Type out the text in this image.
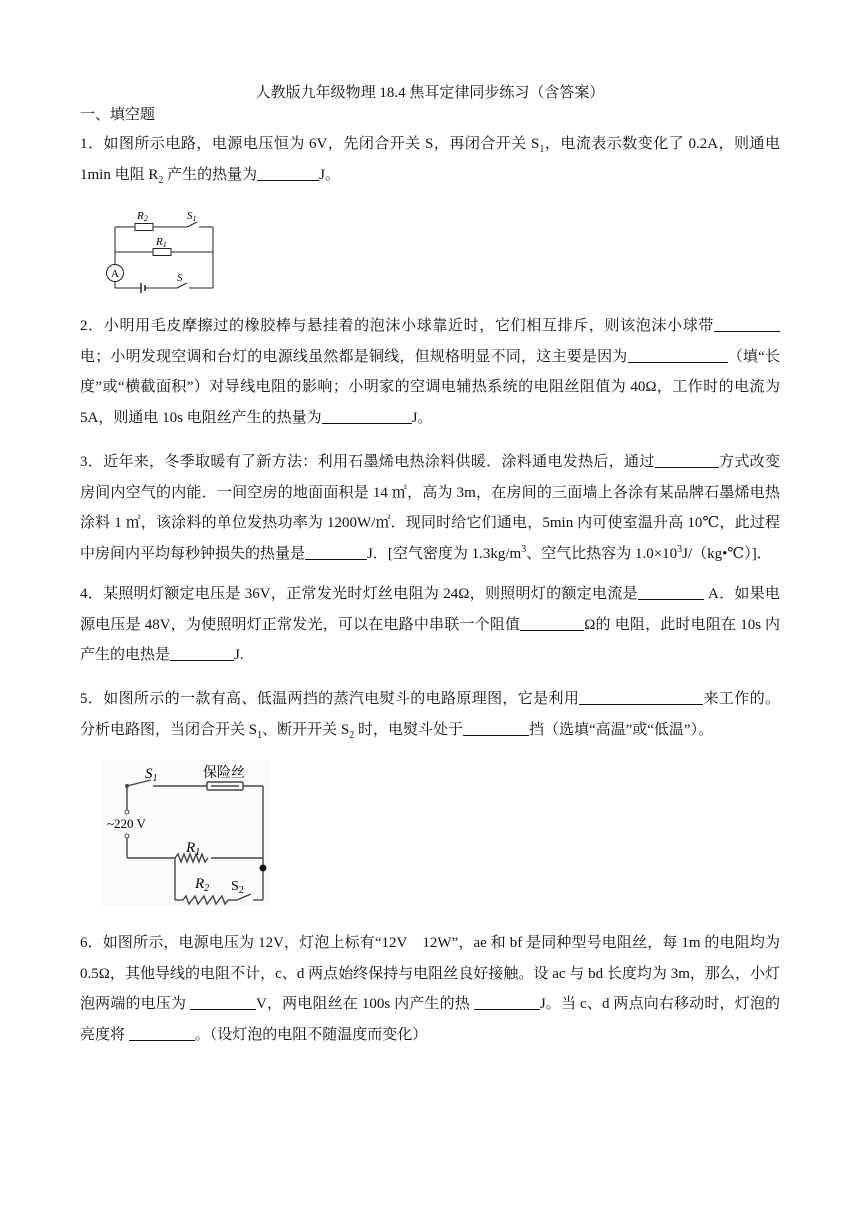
人教版九年级物理 18.4 焦耳定律同步练习（含答案）
一、填空题

1．如图所示电路，电源电压恒为 6V，先闭合开关 S，再闭合开关 $S_1$，电流表示数变化了 0.2A，则通电 1min 电阻 $R_2$ 产生的热量为	J。

R2	S1
R1
A	S

2．小明用毛皮摩擦过的橡胶棒与悬挂着的泡沫小球靠近时，它们相互排斥，则该泡沫小球带电；小明发现空调和台灯的电源线虽然都是铜线，但规格明显不同，这主要是因为	（填“长度”或“横截面积”）对导线电阻的影响；小明家的空调电辅热系统的电阻丝阻值为 40Ω，工作时的电流为 5A，则通电 10s 电阻丝产生的热量为	J。

3．近年来，冬季取暖有了新方法：利用石墨烯电热涂料供暖．涂料通电发热后，通过	方式改变房间内空气的内能．一间空房的地面面积是 14 ㎡，高为 3m，在房间的三面墙上各涂有某品牌石墨烯电热涂料 1 ㎡，该涂料的单位发热功率为 1200W/㎡．现同时给它们通电，5min 内可使室温升高 10℃，此过程中房间内平均每秒钟损失的热量是	J．[空气密度为 $1.3kg/m^3$、空气比热容为 $1.0\times 10^3J/(kg•℃)$]．

4．某照明灯额定电压是 36V，正常发光时灯丝电阻为 24Ω，则照明灯的额定电流是	A．如果电源电压是 48V，为使照明灯正常发光，可以在电路中串联一个阻值	Ω的 电阻，此时电阻在 10s 内产生的电热是	J.

5．如图所示的一款有高、低温两挡的蒸汽电熨斗的电路原理图，它是利用	来工作的。分析电路图，当闭合开关 $S_1$、断开开关 $S_2$ 时，电熨斗处于	挡（选填“高温”或“低温”）。

$S_1$	保险丝
~220 V
$R_1$
$R_2$ $S_2$

6．如图所示，电源电压为 12V，灯泡上标有“12V　12W”，ae 和 bf 是同种型号电阻丝，每 1m 的电阻均为 0.5Ω，其他导线的电阻不计，c、d 两点始终保持与电阻丝良好接触。设 ac 与 bd 长度均为 3m，那么，小灯泡两端的电压为	V，两电阻丝在 100s 内产生的热	J。当 c、d 两点向右移动时，灯泡的亮度将	。（设灯泡的电阻不随温度而变化）
